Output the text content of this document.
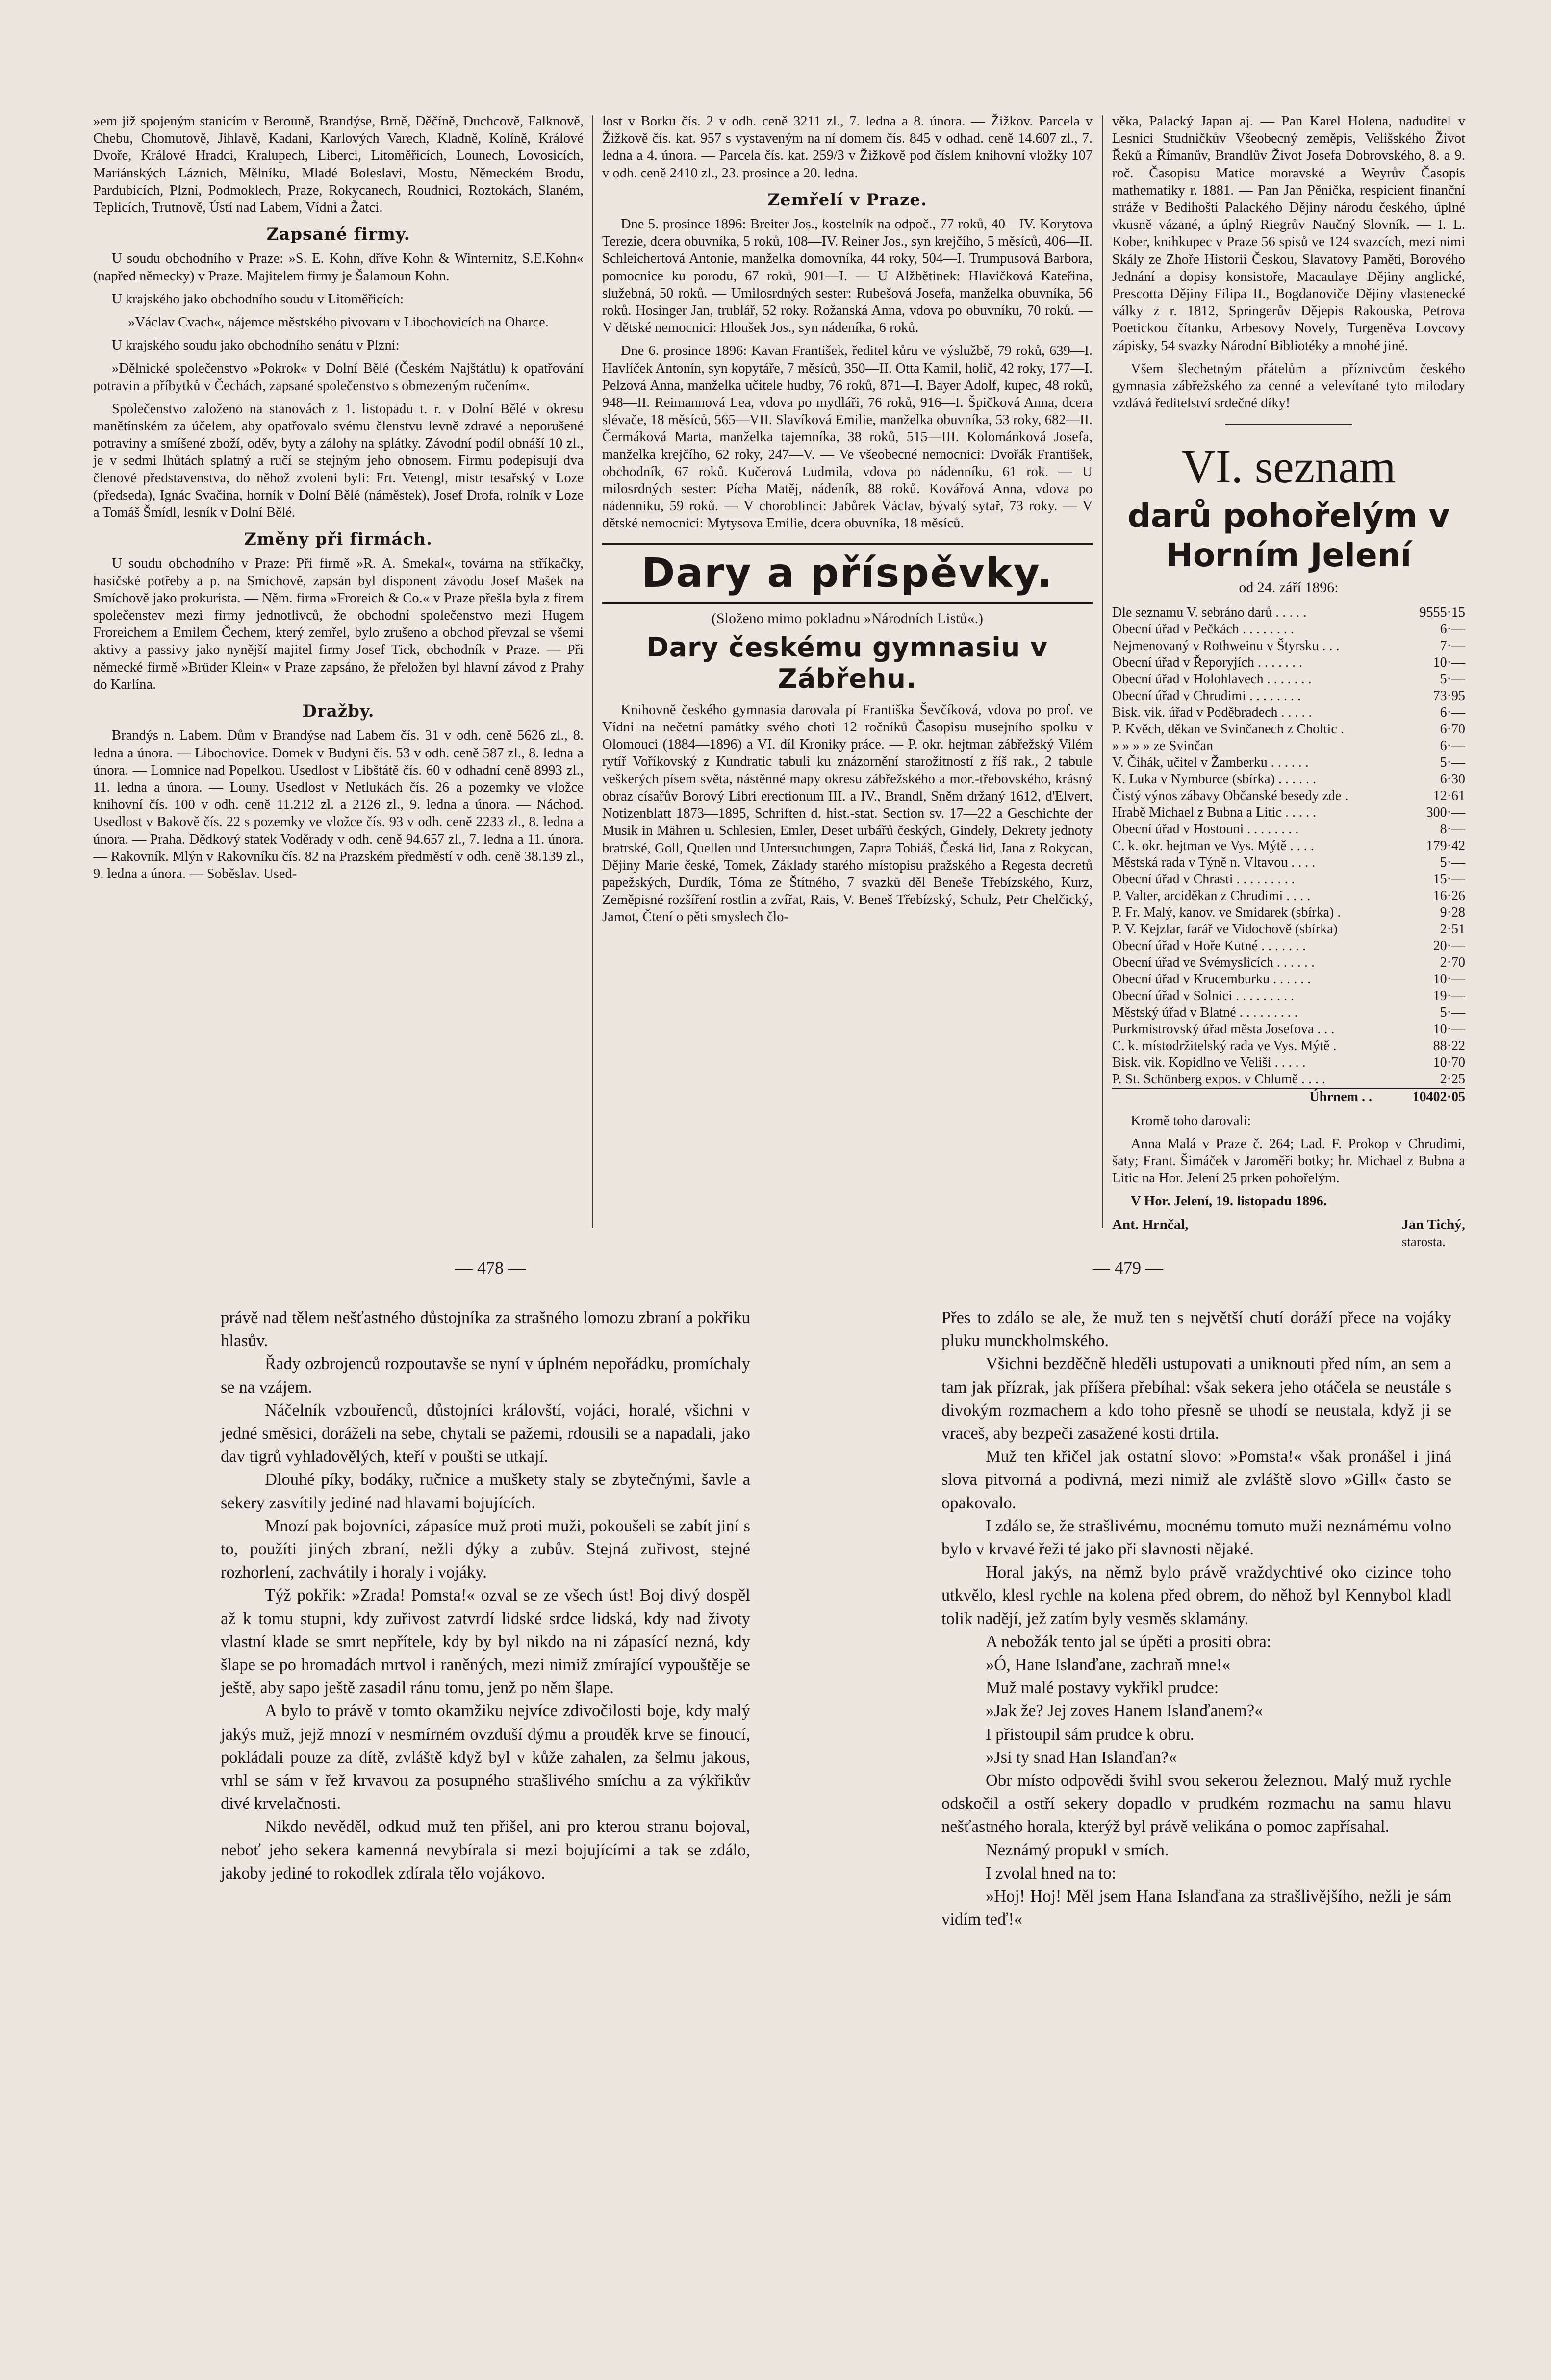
»em již spojeným stanicím v Berouně, Brandýse, Brně, Děčíně, Duchcově, Falknově, Chebu, Chomutově, Jihlavě, Kadani, Karlových Varech, Kladně, Kolíně, Králové Dvoře, Králové Hradci, Kralupech, Liberci, Litoměřicích, Lounech, Lovosicích, Mariánských Láznich, Mělníku, Mladé Boleslavi, Mostu, Německém Brodu, Pardubicích, Plzni, Podmoklech, Praze, Rokycanech, Roudnici, Roztokách, Slaném, Teplicích, Trutnově, Ústí nad Labem, Vídni a Žatci.

Zapsané firmy.

U soudu obchodního v Praze: »S. E. Kohn, dříve Kohn & Winternitz, S.E.Kohn« (napřed německy) v Praze. Majitelem firmy je Šalamoun Kohn.

U krajského jako obchodního soudu v Litoměřicích:

»Václav Cvach«, nájemce městského pivovaru v Libochovicích na Oharce.

U krajského soudu jako obchodního senátu v Plzni:

»Dělnické společenstvo »Pokrok« v Dolní Bělé (Českém Najštátlu) k opatřování potravin a příbytků v Čechách, zapsané společenstvo s obmezeným ručením«.

Společenstvo založeno na stanovách z 1. listopadu t. r. v Dolní Bělé v okresu manětínském za účelem, aby opatřovalo svému členstvu levně zdravé a neporušené potraviny a smíšené zboží, oděv, byty a zálohy na splátky. Závodní podíl obnáší 10 zl., je v sedmi lhůtách splatný a ručí se stejným jeho obnosem. Firmu podepisují dva členové představenstva, do něhož zvoleni byli: Frt. Vetengl, mistr tesařský v Loze (předseda), Ignác Svačina, horník v Dolní Bělé (náměstek), Josef Drofa, rolník v Loze a Tomáš Šmídl, lesník v Dolní Bělé.

Změny při firmách.

U soudu obchodního v Praze: Při firmě »R. A. Smekal«, továrna na stříkačky, hasičské potřeby a p. na Smíchově, zapsán byl disponent závodu Josef Mašek na Smíchově jako prokurista. — Něm. firma »Froreich & Co.« v Praze přešla byla z firem společenstev mezi firmy jednotlivců, že obchodní společenstvo mezi Hugem Froreichem a Emilem Čechem, který zemřel, bylo zrušeno a obchod převzal se všemi aktivy a passivy jako nynější majitel firmy Josef Tick, obchodník v Praze. — Při německé firmě »Brüder Klein« v Praze zapsáno, že přeložen byl hlavní závod z Prahy do Karlína.

Dražby.

Brandýs n. Labem. Dům v Brandýse nad Labem čís. 31 v odh. ceně 5626 zl., 8. ledna a února. — Libochovice. Domek v Budyni čís. 53 v odh. ceně 587 zl., 8. ledna a února. — Lomnice nad Popelkou. Usedlost v Libštátě čís. 60 v odhadní ceně 8993 zl., 11. ledna a února. — Louny. Usedlost v Netlukách čís. 26 a pozemky ve vložce knihovní čís. 100 v odh. ceně 11.212 zl. a 2126 zl., 9. ledna a února. — Náchod. Usedlost v Bakově čís. 22 s pozemky ve vložce čís. 93 v odh. ceně 2233 zl., 8. ledna a února. — Praha. Dědkový statek Voděrady v odh. ceně 94.657 zl., 7. ledna a 11. února. — Rakovník. Mlýn v Rakovníku čís. 82 na Prazském předměstí v odh. ceně 38.139 zl., 9. ledna a února. — Soběslav. Used-

lost v Borku čís. 2 v odh. ceně 3211 zl., 7. ledna a 8. února. — Žižkov. Parcela v Žižkově čís. kat. 957 s vystaveným na ní domem čís. 845 v odhad. ceně 14.607 zl., 7. ledna a 4. února. — Parcela čís. kat. 259/3 v Žižkově pod číslem knihovní vložky 107 v odh. ceně 2410 zl., 23. prosince a 20. ledna.

Zemřelí v Praze.

Dne 5. prosince 1896: Breiter Jos., kostelník na odpoč., 77 roků, 40—IV. Korytova Terezie, dcera obuvníka, 5 roků, 108—IV. Reiner Jos., syn krejčího, 5 měsíců, 406—II. Schleichertová Antonie, manželka domovníka, 44 roky, 504—I. Trumpusová Barbora, pomocnice ku porodu, 67 roků, 901—I. — U Alžbětinek: Hlavičková Kateřina, služebná, 50 roků. — Umilosrdných sester: Rubešová Josefa, manželka obuvníka, 56 roků. Hosinger Jan, trublář, 52 roky. Rožanská Anna, vdova po obuvníku, 70 roků. — V dětské nemocnici: Hloušek Jos., syn nádeníka, 6 roků.

Dne 6. prosince 1896: Kavan František, ředitel kůru ve výslužbě, 79 roků, 639—I. Havlíček Antonín, syn kopytáře, 7 měsíců, 350—II. Otta Kamil, holič, 42 roky, 177—I. Pelzová Anna, manželka učitele hudby, 76 roků, 871—I. Bayer Adolf, kupec, 48 roků, 948—II. Reimannová Lea, vdova po mydláři, 76 roků, 916—I. Špičková Anna, dcera slévače, 18 měsíců, 565—VII. Slavíková Emilie, manželka obuvníka, 53 roky, 682—II. Čermáková Marta, manželka tajemníka, 38 roků, 515—III. Kolománková Josefa, manželka krejčího, 62 roky, 247—V. — Ve všeobecné nemocnici: Dvořák František, obchodník, 67 roků. Kučerová Ludmila, vdova po nádenníku, 61 rok. — U milosrdných sester: Pícha Matěj, nádeník, 88 roků. Kovářová Anna, vdova po nádenníku, 59 roků. — V choroblinci: Jabůrek Václav, bývalý sytař, 73 roky. — V dětské nemocnici: Mytysova Emilie, dcera obuvníka, 18 měsíců.

Dary a příspěvky.
(Složeno mimo pokladnu »Národních Listů«.)
Dary českému gymnasiu v Zábřehu.

Knihovně českého gymnasia darovala pí Františka Ševčíková, vdova po prof. ve Vídni na nečetní památky svého choti 12 ročníků Časopisu musejního spolku v Olomouci (1884—1896) a VI. díl Kroniky práce. — P. okr. hejtman zábřežský Vilém rytíř Voříkovský z Kundratic tabuli ku znázornění starožitností z říš rak., 2 tabule veškerých písem světa, nástěnné mapy okresu zábřežského a mor.-třebovského, krásný obraz císařův Borový Libri erectionum III. a IV., Brandl, Sněm držaný 1612, d'Elvert, Notizenblatt 1873—1895, Schriften d. hist.-stat. Section sv. 17—22 a Geschichte der Musik in Mähren u. Schlesien, Emler, Deset urbářů českých, Gindely, Dekrety jednoty bratrské, Goll, Quellen und Untersuchungen, Zapra Tobiáš, Česká lid, Jana z Rokycan, Dějiny Marie české, Tomek, Základy starého místopisu pražského a Regesta decretů papežských, Durdík, Tóma ze Štítného, 7 svazků děl Beneše Třebízského, Kurz, Zeměpisné rozšíření rostlin a zvířat, Rais, V. Beneš Třebízský, Schulz, Petr Chelčický, Jamot, Čtení o pěti smyslech člo-

věka, Palacký Japan aj. — Pan Karel Holena, naduditel v Lesnici Studničkův Všeobecný zeměpis, Velišského Život Řeků a Římanův, Brandlův Život Josefa Dobrovského, 8. a 9. roč. Časopisu Matice moravské a Weyrův Časopis mathematiky r. 1881. — Pan Jan Pěnička, respicient finanční stráže v Bedihošti Palackého Dějiny národu českého, úplné vkusně vázané, a úplný Riegrův Naučný Slovník. — I. L. Kober, knihkupec v Praze 56 spisů ve 124 svazcích, mezi nimi Skály ze Zhoře Historii Českou, Slavatovy Paměti, Borového Jednání a dopisy konsistoře, Macaulaye Dějiny anglické, Prescotta Dějiny Filipa II., Bogdanoviče Dějiny vlastenecké války z r. 1812, Springerův Dějepis Rakouska, Petrova Poetickou čítanku, Arbesovy Novely, Turgeněva Lovcovy zápisky, 54 svazky Národní Bibliotéky a mnohé jiné.

Všem šlechetným přátelům a příznivcům českého gymnasia zábřežského za cenné a velevítané tyto milodary vzdává ředitelství srdečné díky!

VI. seznam
darů pohořelým v Horním Jelení
od 24. září 1896:
Dle seznamu V. sebráno darů . . . . .	9555·15
Obecní úřad v Pečkách . . . . . . . .	6·—
Nejmenovaný v Rothweinu v Štyrsku . . .	7·—
Obecní úřad v Řeporyjích . . . . . . .	10·—
Obecní úřad v Holohlavech . . . . . . .	5·—
Obecní úřad v Chrudimi . . . . . . . .	73·95
Bisk. vik. úřad v Poděbradech . . . . .	6·—
P. Kvěch, děkan ve Svinčanech z Choltic .	6·70
» » » » ze Svinčan	6·—
V. Čihák, učitel v Žamberku . . . . . .	5·—
K. Luka v Nymburce (sbírka) . . . . . .	6·30
Čistý výnos zábavy Občanské besedy zde .	12·61
Hrabě Michael z Bubna a Litic . . . . .	300·—
Obecní úřad v Hostouni . . . . . . . .	8·—
C. k. okr. hejtman ve Vys. Mýtě . . . .	179·42
Městská rada v Týně n. Vltavou . . . .	5·—
Obecní úřad v Chrasti . . . . . . . . .	15·—
P. Valter, arciděkan z Chrudimi . . . .	16·26
P. Fr. Malý, kanov. ve Smidarek (sbírka) .	9·28
P. V. Kejzlar, farář ve Vidochově (sbírka)	2·51
Obecní úřad v Hoře Kutné . . . . . . .	20·—
Obecní úřad ve Svémyslicích . . . . . .	2·70
Obecní úřad v Krucemburku . . . . . .	10·—
Obecní úřad v Solnici . . . . . . . . .	19·—
Městský úřad v Blatné . . . . . . . . .	5·—
Purkmistrovský úřad města Josefova . . .	10·—
C. k. místodržitelský rada ve Vys. Mýtě .	88·22
Bisk. vik. Kopidlno ve Veliši . . . . .	10·70
P. St. Schönberg expos. v Chlumě . . . .	2·25
Úhrnem . .	10402·05

Kromě toho darovali:

Anna Malá v Praze č. 264; Lad. F. Prokop v Chrudimi, šaty; Frant. Šimáček v Jaroměři botky; hr. Michael z Bubna a Litic na Hor. Jelení 25 prken pohořelým.

V Hor. Jelení, 19. listopadu 1896.

Ant. Hrnčal,	Jan Tichý,
starosta.
— 478 —	— 479 —

právě nad tělem nešťastného důstojníka za strašného lomozu zbraní a pokřiku hlasův.

Řady ozbrojenců rozpoutavše se nyní v úplném nepořádku, promíchaly se na vzájem.

Náčelník vzbouřenců, důstojníci královští, vojáci, horalé, všichni v jedné směsici, doráželi na sebe, chytali se pažemi, rdousili se a napadali, jako dav tigrů vyhladovělých, kteří v poušti se utkají.

Dlouhé píky, bodáky, ručnice a muškety staly se zbytečnými, šavle a sekery zasvítily jediné nad hlavami bojujících.

Mnozí pak bojovníci, zápasíce muž proti muži, pokoušeli se zabít jiní s to, použíti jiných zbraní, nežli dýky a zubův. Stejná zuřivost, stejné rozhorlení, zachvátily i horaly i vojáky.

Týž pokřik: »Zrada! Pomsta!« ozval se ze všech úst! Boj divý dospěl až k tomu stupni, kdy zuřivost zatvrdí lidské srdce lidská, kdy nad životy vlastní klade se smrt nepřítele, kdy by byl nikdo na ni zápasící nezná, kdy šlape se po hromadách mrtvol i raněných, mezi nimiž zmírající vypouštěje se ještě, aby sapo ještě zasadil ránu tomu, jenž po něm šlape.

A bylo to právě v tomto okamžiku nejvíce zdivočilosti boje, kdy malý jakýs muž, jejž mnozí v nesmírném ovzduší dýmu a prouděk krve se finoucí, pokládali pouze za dítě, zvláště když byl v kůže zahalen, za šelmu jakous, vrhl se sám v řež krvavou za posupného strašlivého smíchu a za výkřikův divé krvelačnosti.

Nikdo nevěděl, odkud muž ten přišel, ani pro kterou stranu bojoval, neboť jeho sekera kamenná nevybírala si mezi bojujícími a tak se zdálo, jakoby jediné to rokodlek zdírala tělo vojákovo.

Přes to zdálo se ale, že muž ten s největší chutí doráží přece na vojáky pluku munckholmského.

Všichni bezděčně hleděli ustupovati a uniknouti před ním, an sem a tam jak přízrak, jak příšera přebíhal: však sekera jeho otáčela se neustále s divokým rozmachem a kdo toho přesně se uhodí se neustala, když ji se vraceš, aby bezpeči zasažené kosti drtila.

Muž ten křičel jak ostatní slovo: »Pomsta!« však pronášel i jiná slova pitvorná a podivná, mezi nimiž ale zvláště slovo »Gill« často se opakovalo.

I zdálo se, že strašlivému, mocnému tomuto muži neznámému volno bylo v krvavé řeži té jako při slavnosti nějaké.

Horal jakýs, na němž bylo právě vraždychtivé oko cizince toho utkvělo, klesl rychle na kolena před obrem, do něhož byl Kennybol kladl tolik nadějí, jež zatím byly vesměs sklamány.

A nebožák tento jal se úpěti a prositi obra:

»Ó, Hane Islanďane, zachraň mne!«

Muž malé postavy vykřikl prudce:

»Jak že? Jej zoves Hanem Islanďanem?«

I přistoupil sám prudce k obru.

»Jsi ty snad Han Islanďan?«

Obr místo odpovědi švihl svou sekerou železnou. Malý muž rychle odskočil a ostří sekery dopadlo v prudkém rozmachu na samu hlavu nešťastného horala, kterýž byl právě velikána o pomoc zapřísahal.

Neznámý propukl v smích.

I zvolal hned na to:

»Hoj! Hoj! Měl jsem Hana Islanďana za strašlivějšího, nežli je sám vidím teď!«
